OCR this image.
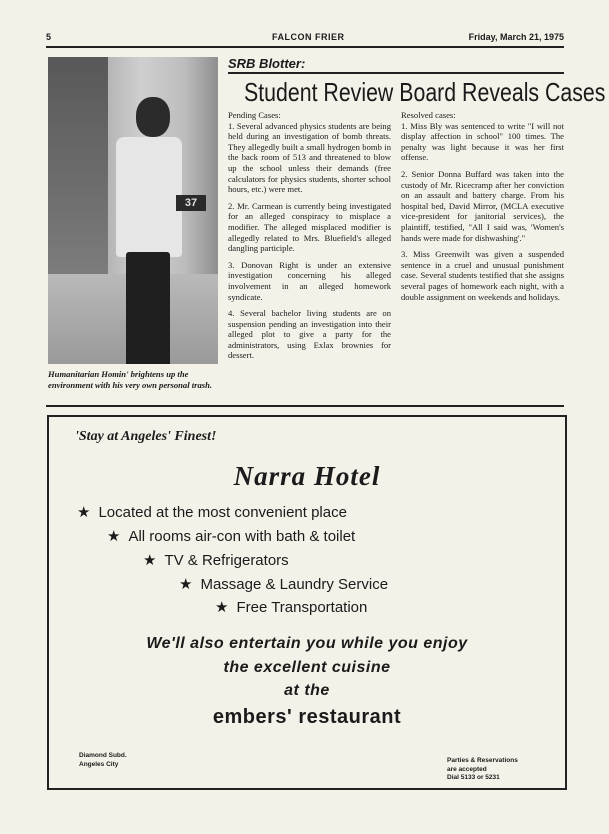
5	FALCON FRIER	Friday, March 21, 1975
37
Humanitarian Homin' brightens up the environment with his very own personal trash.
SRB Blotter:
Student Review Board Reveals Cases

Pending Cases:

1. Several advanced physics students are being held during an investigation of bomb threats. They allegedly built a small hydrogen bomb in the back room of 513 and threatened to blow up the school unless their demands (free calculators for physics students, shorter school hours, etc.) were met.

2. Mr. Carmean is currently being investigated for an alleged conspiracy to misplace a modifier. The alleged misplaced modifier is allegedly related to Mrs. Bluefield's alleged dangling participle.

3. Donovan Right is under an extensive investigation concerning his alleged involvement in an alleged homework syndicate.

4. Several bachelor living students are on suspension pending an investigation into their alleged plot to give a party for the administrators, using Exlax brownies for dessert.

Resolved cases:

1. Miss Bly was sentenced to write "I will not display affection in school" 100 times. The penalty was light because it was her first offense.

2. Senior Donna Buffard was taken into the custody of Mr. Ricecramp after her conviction on an assault and battery charge. From his hospital bed, David Mirror, (MCLA executive vice-president for janitorial services), the plaintiff, testified, "All I said was, 'Women's hands were made for dishwashing'."

3. Miss Greenwilt was given a suspended sentence in a cruel and unusual punishment case. Several students testified that she assigns several pages of homework each night, with a double assignment on weekends and holidays.

'Stay at Angeles' Finest!
Narra Hotel
★ Located at the most convenient place
★ All rooms air-con with bath & toilet
★ TV & Refrigerators
★ Massage & Laundry Service
★ Free Transportation
We'll also entertain you while you enjoy
the excellent cuisine
at the
embers' restaurant
Diamond Subd.
Angeles City
Parties & Reservations
are accepted
Dial 5133 or 5231
